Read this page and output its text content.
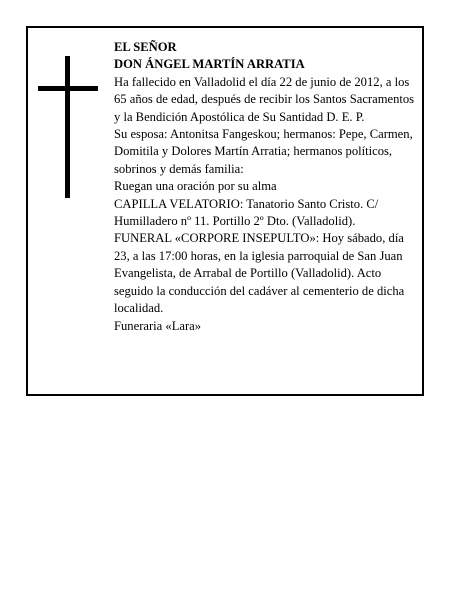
EL SEÑOR

DON ÁNGEL MARTÍN ARRATIA

Ha fallecido en Valladolid el día 22 de junio de 2012, a los 65 años de edad, después de recibir los Santos Sacramentos y la Bendición Apostólica de Su Santidad D. E. P.

Su esposa: Antonitsa Fangeskou; hermanos: Pepe, Carmen, Domitila y Dolores Martín Arratia; hermanos políticos, sobrinos y demás familia:

Ruegan una oración por su alma

CAPILLA VELATORIO: Tanatorio Santo Cristo. C/ Humilladero nº 11. Portillo 2º Dto. (Valladolid).

FUNERAL «CORPORE INSEPULTO»: Hoy sábado, día 23, a las 17:00 horas, en la iglesia parroquial de San Juan Evangelista, de Arrabal de Portillo (Valladolid). Acto seguido la conducción del cadáver al cementerio de dicha localidad.

Funeraria «Lara»
